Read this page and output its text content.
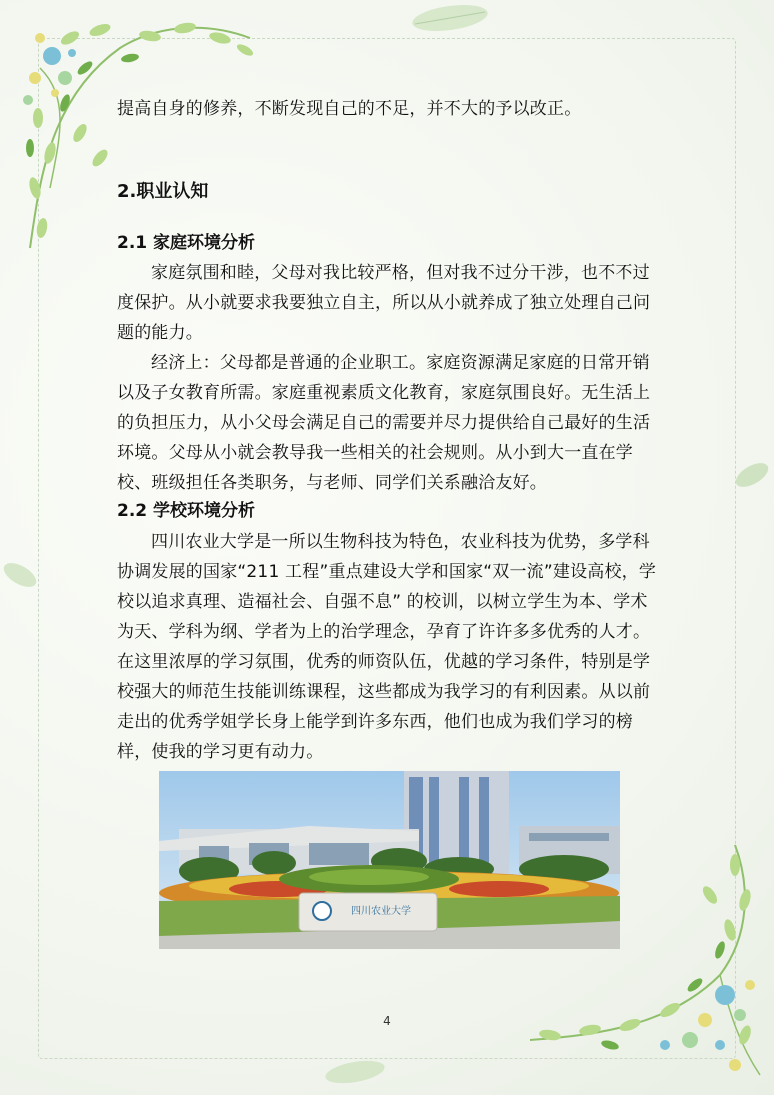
提高自身的修养，不断发现自己的不足，并不大的予以改正。
2.职业认知
2.1 家庭环境分析

家庭氛围和睦，父母对我比较严格，但对我不过分干涉，也不不过度保护。从小就要求我要独立自主，所以从小就养成了独立处理自己问题的能力。

经济上：父母都是普通的企业职工。家庭资源满足家庭的日常开销以及子女教育所需。家庭重视素质文化教育，家庭氛围良好。无生活上的负担压力，从小父母会满足自己的需要并尽力提供给自己最好的生活环境。父母从小就会教导我一些相关的社会规则。从小到大一直在学校、班级担任各类职务，与老师、同学们关系融洽友好。

2.2 学校环境分析

四川农业大学是一所以生物科技为特色，农业科技为优势，多学科协调发展的国家“211 工程”重点建设大学和国家“双一流”建设高校，学校以追求真理、造福社会、自强不息” 的校训，以树立学生为本、学术为天、学科为纲、学者为上的治学理念，孕育了许许多多优秀的人才。在这里浓厚的学习氛围，优秀的师资队伍，优越的学习条件，特别是学校强大的师范生技能训练课程，这些都成为我学习的有利因素。从以前走出的优秀学姐学长身上能学到许多东西，他们也成为我们学习的榜样，使我的学习更有动力。

四川农业大学
4
